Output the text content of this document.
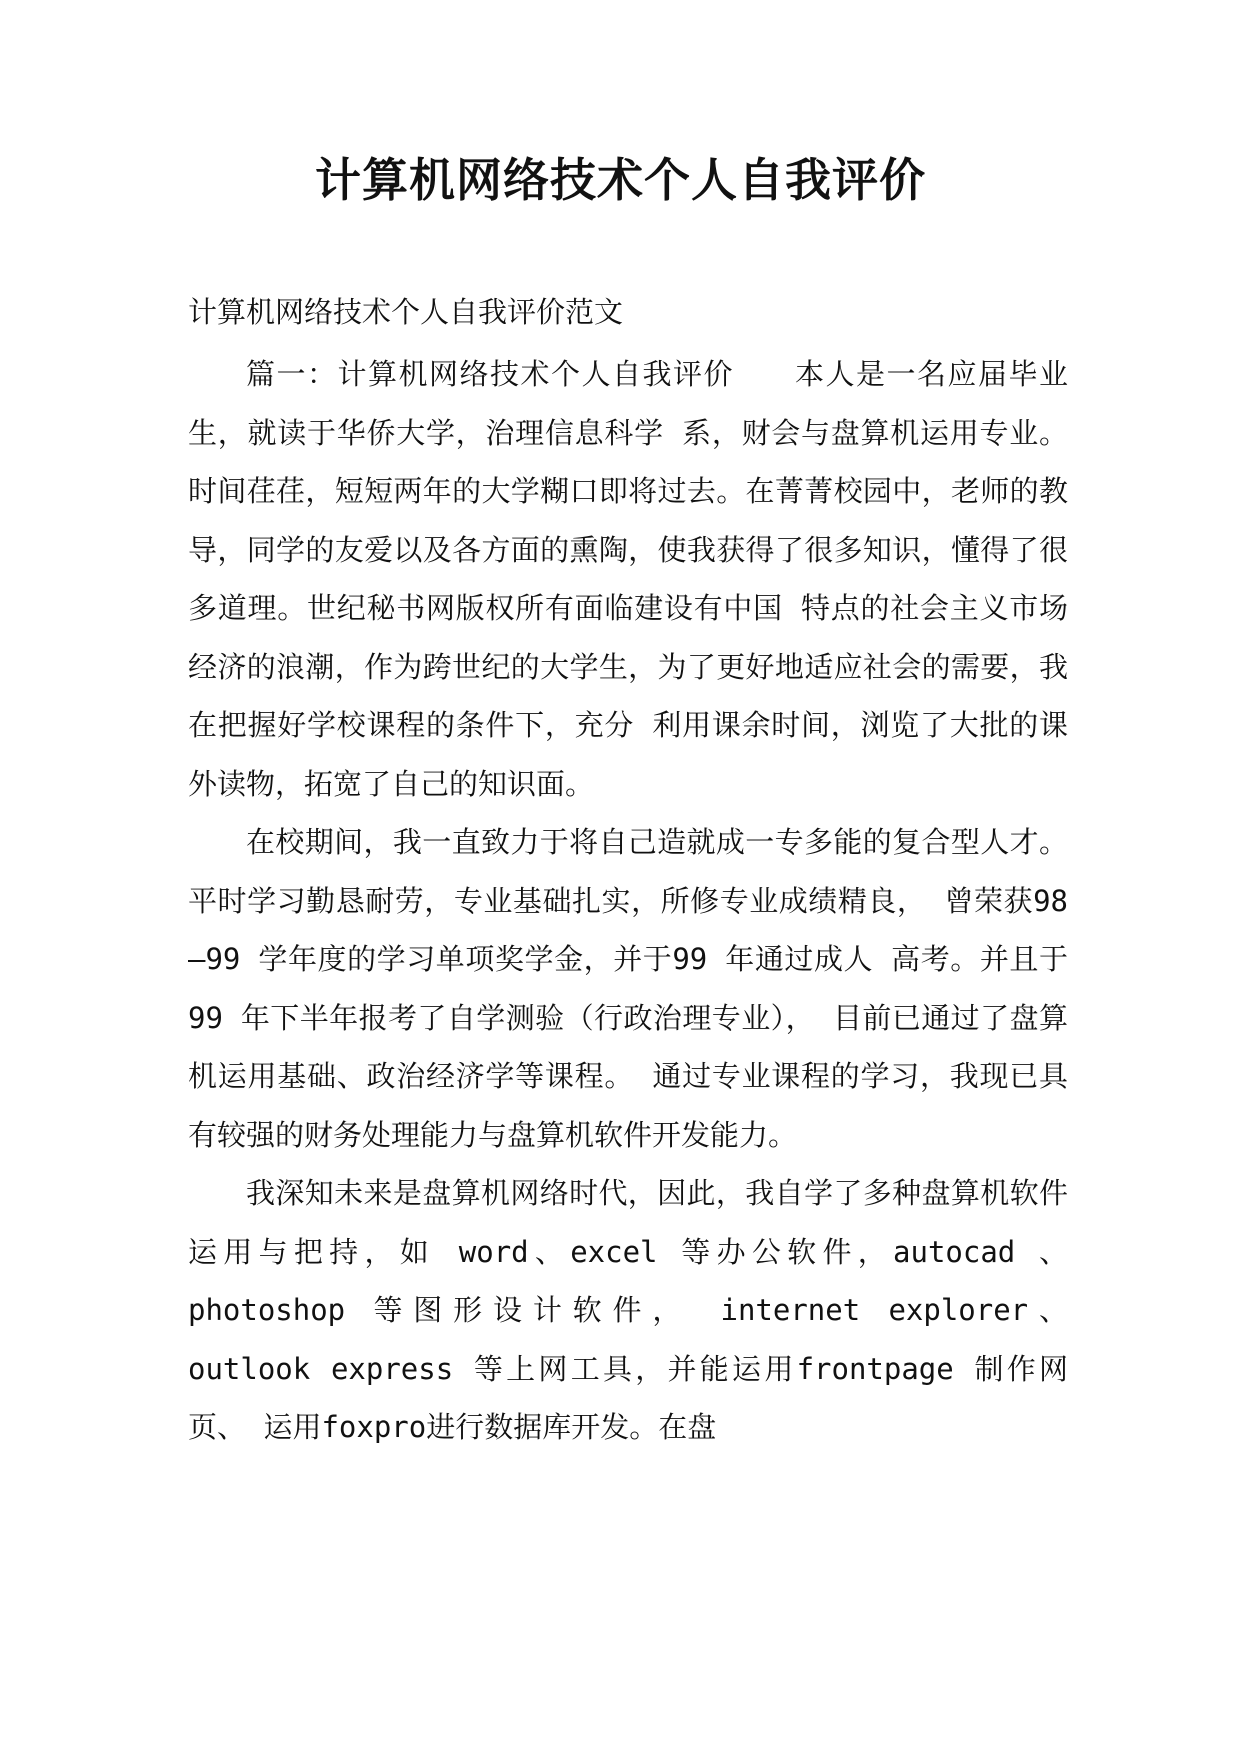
计算机网络技术个人自我评价

计算机网络技术个人自我评价范文

篇一：计算机网络技术个人自我评价　　本人是一名应届毕业生，就读于华侨大学，治理信息科学 系，财会与盘算机运用专业。 时间荏荏，短短两年的大学糊口即将过去。在菁菁校园中，老师的教导，同学的友爱以及各方面的熏陶，使我获得了很多知识，懂得了很多道理。世纪秘书网版权所有面临建设有中国 特点的社会主义市场经济的浪潮，作为跨世纪的大学生，为了更好地适应社会的需要，我在把握好学校课程的条件下，充分 利用课余时间，浏览了大批的课外读物，拓宽了自己的知识面。

在校期间，我一直致力于将自己造就成一专多能的复合型人才。平时学习勤恳耐劳，专业基础扎实，所修专业成绩精良， 曾荣获98—99 学年度的学习单项奖学金，并于99 年通过成人 高考。并且于99 年下半年报考了自学测验（行政治理专业）， 目前已通过了盘算机运用基础、政治经济学等课程。 通过专业课程的学习，我现已具有较强的财务处理能力与盘算机软件开发能力。

我深知未来是盘算机网络时代，因此，我自学了多种盘算机软件运用与把持，如 word、excel 等办公软件，autocad 、 photoshop 等图形设计软件， internet explorer、 outlook express 等上网工具，并能运用frontpage 制作网页、 运用foxpro进行数据库开发。在盘
